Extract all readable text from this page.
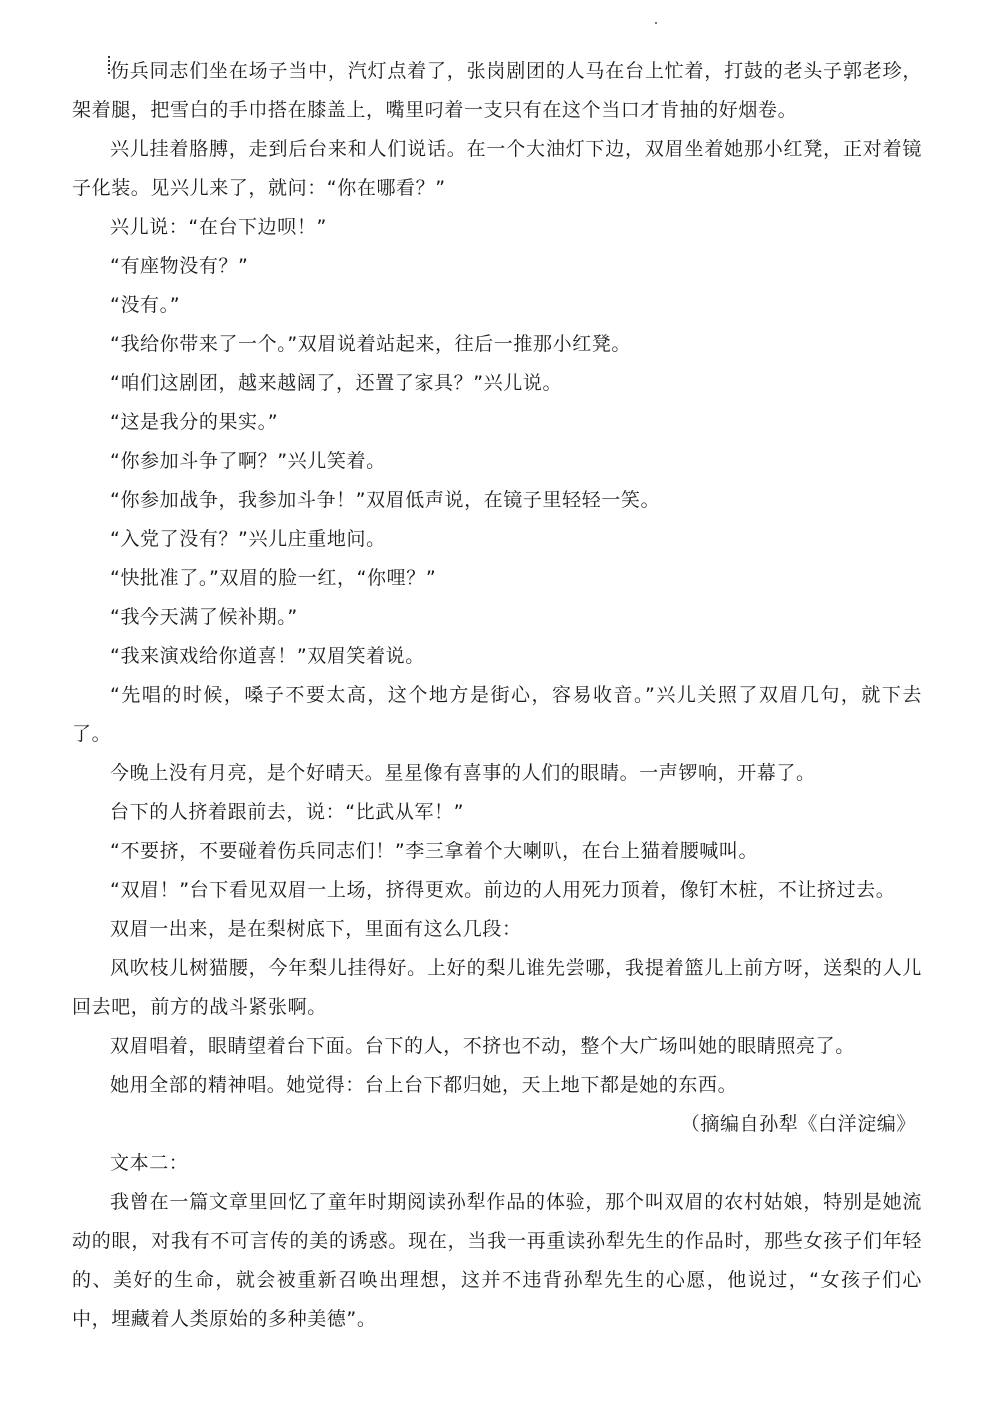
伤兵同志们坐在场子当中，汽灯点着了，张岗剧团的人马在台上忙着，打鼓的老头子郭老珍，架着腿，把雪白的手巾搭在膝盖上，嘴里叼着一支只有在这个当口才肯抽的好烟卷。

兴儿挂着胳膊，走到后台来和人们说话。在一个大油灯下边，双眉坐着她那小红凳，正对着镜子化装。见兴儿来了，就问：“你在哪看？”

兴儿说：“在台下边呗！”

“有座物没有？”

“没有。”

“我给你带来了一个。”双眉说着站起来，往后一推那小红凳。

“咱们这剧团，越来越阔了，还置了家具？”兴儿说。

“这是我分的果实。”

“你参加斗争了啊？”兴儿笑着。

“你参加战争，我参加斗争！”双眉低声说，在镜子里轻轻一笑。

“入党了没有？”兴儿庄重地问。

“快批准了。”双眉的脸一红，“你哩？”

“我今天满了候补期。”

“我来演戏给你道喜！”双眉笑着说。

“先唱的时候，嗓子不要太高，这个地方是街心，容易收音。”兴儿关照了双眉几句，就下去了。

今晚上没有月亮，是个好晴天。星星像有喜事的人们的眼睛。一声锣响，开幕了。

台下的人挤着跟前去，说：“比武从军！”

“不要挤，不要碰着伤兵同志们！”李三拿着个大喇叭，在台上猫着腰喊叫。

“双眉！”台下看见双眉一上场，挤得更欢。前边的人用死力顶着，像钉木桩，不让挤过去。

双眉一出来，是在梨树底下，里面有这么几段：

风吹枝儿树猫腰，今年梨儿挂得好。上好的梨儿谁先尝哪，我提着篮儿上前方呀，送梨的人儿回去吧，前方的战斗紧张啊。

双眉唱着，眼睛望着台下面。台下的人，不挤也不动，整个大广场叫她的眼睛照亮了。

她用全部的精神唱。她觉得：台上台下都归她，天上地下都是她的东西。

（摘编自孙犁《白洋淀编》

文本二：

我曾在一篇文章里回忆了童年时期阅读孙犁作品的体验，那个叫双眉的农村姑娘，特别是她流动的眼，对我有不可言传的美的诱惑。现在，当我一再重读孙犁先生的作品时，那些女孩子们年轻的、美好的生命，就会被重新召唤出理想，这并不违背孙犁先生的心愿，他说过，“女孩子们心中，埋藏着人类原始的多种美德”。
